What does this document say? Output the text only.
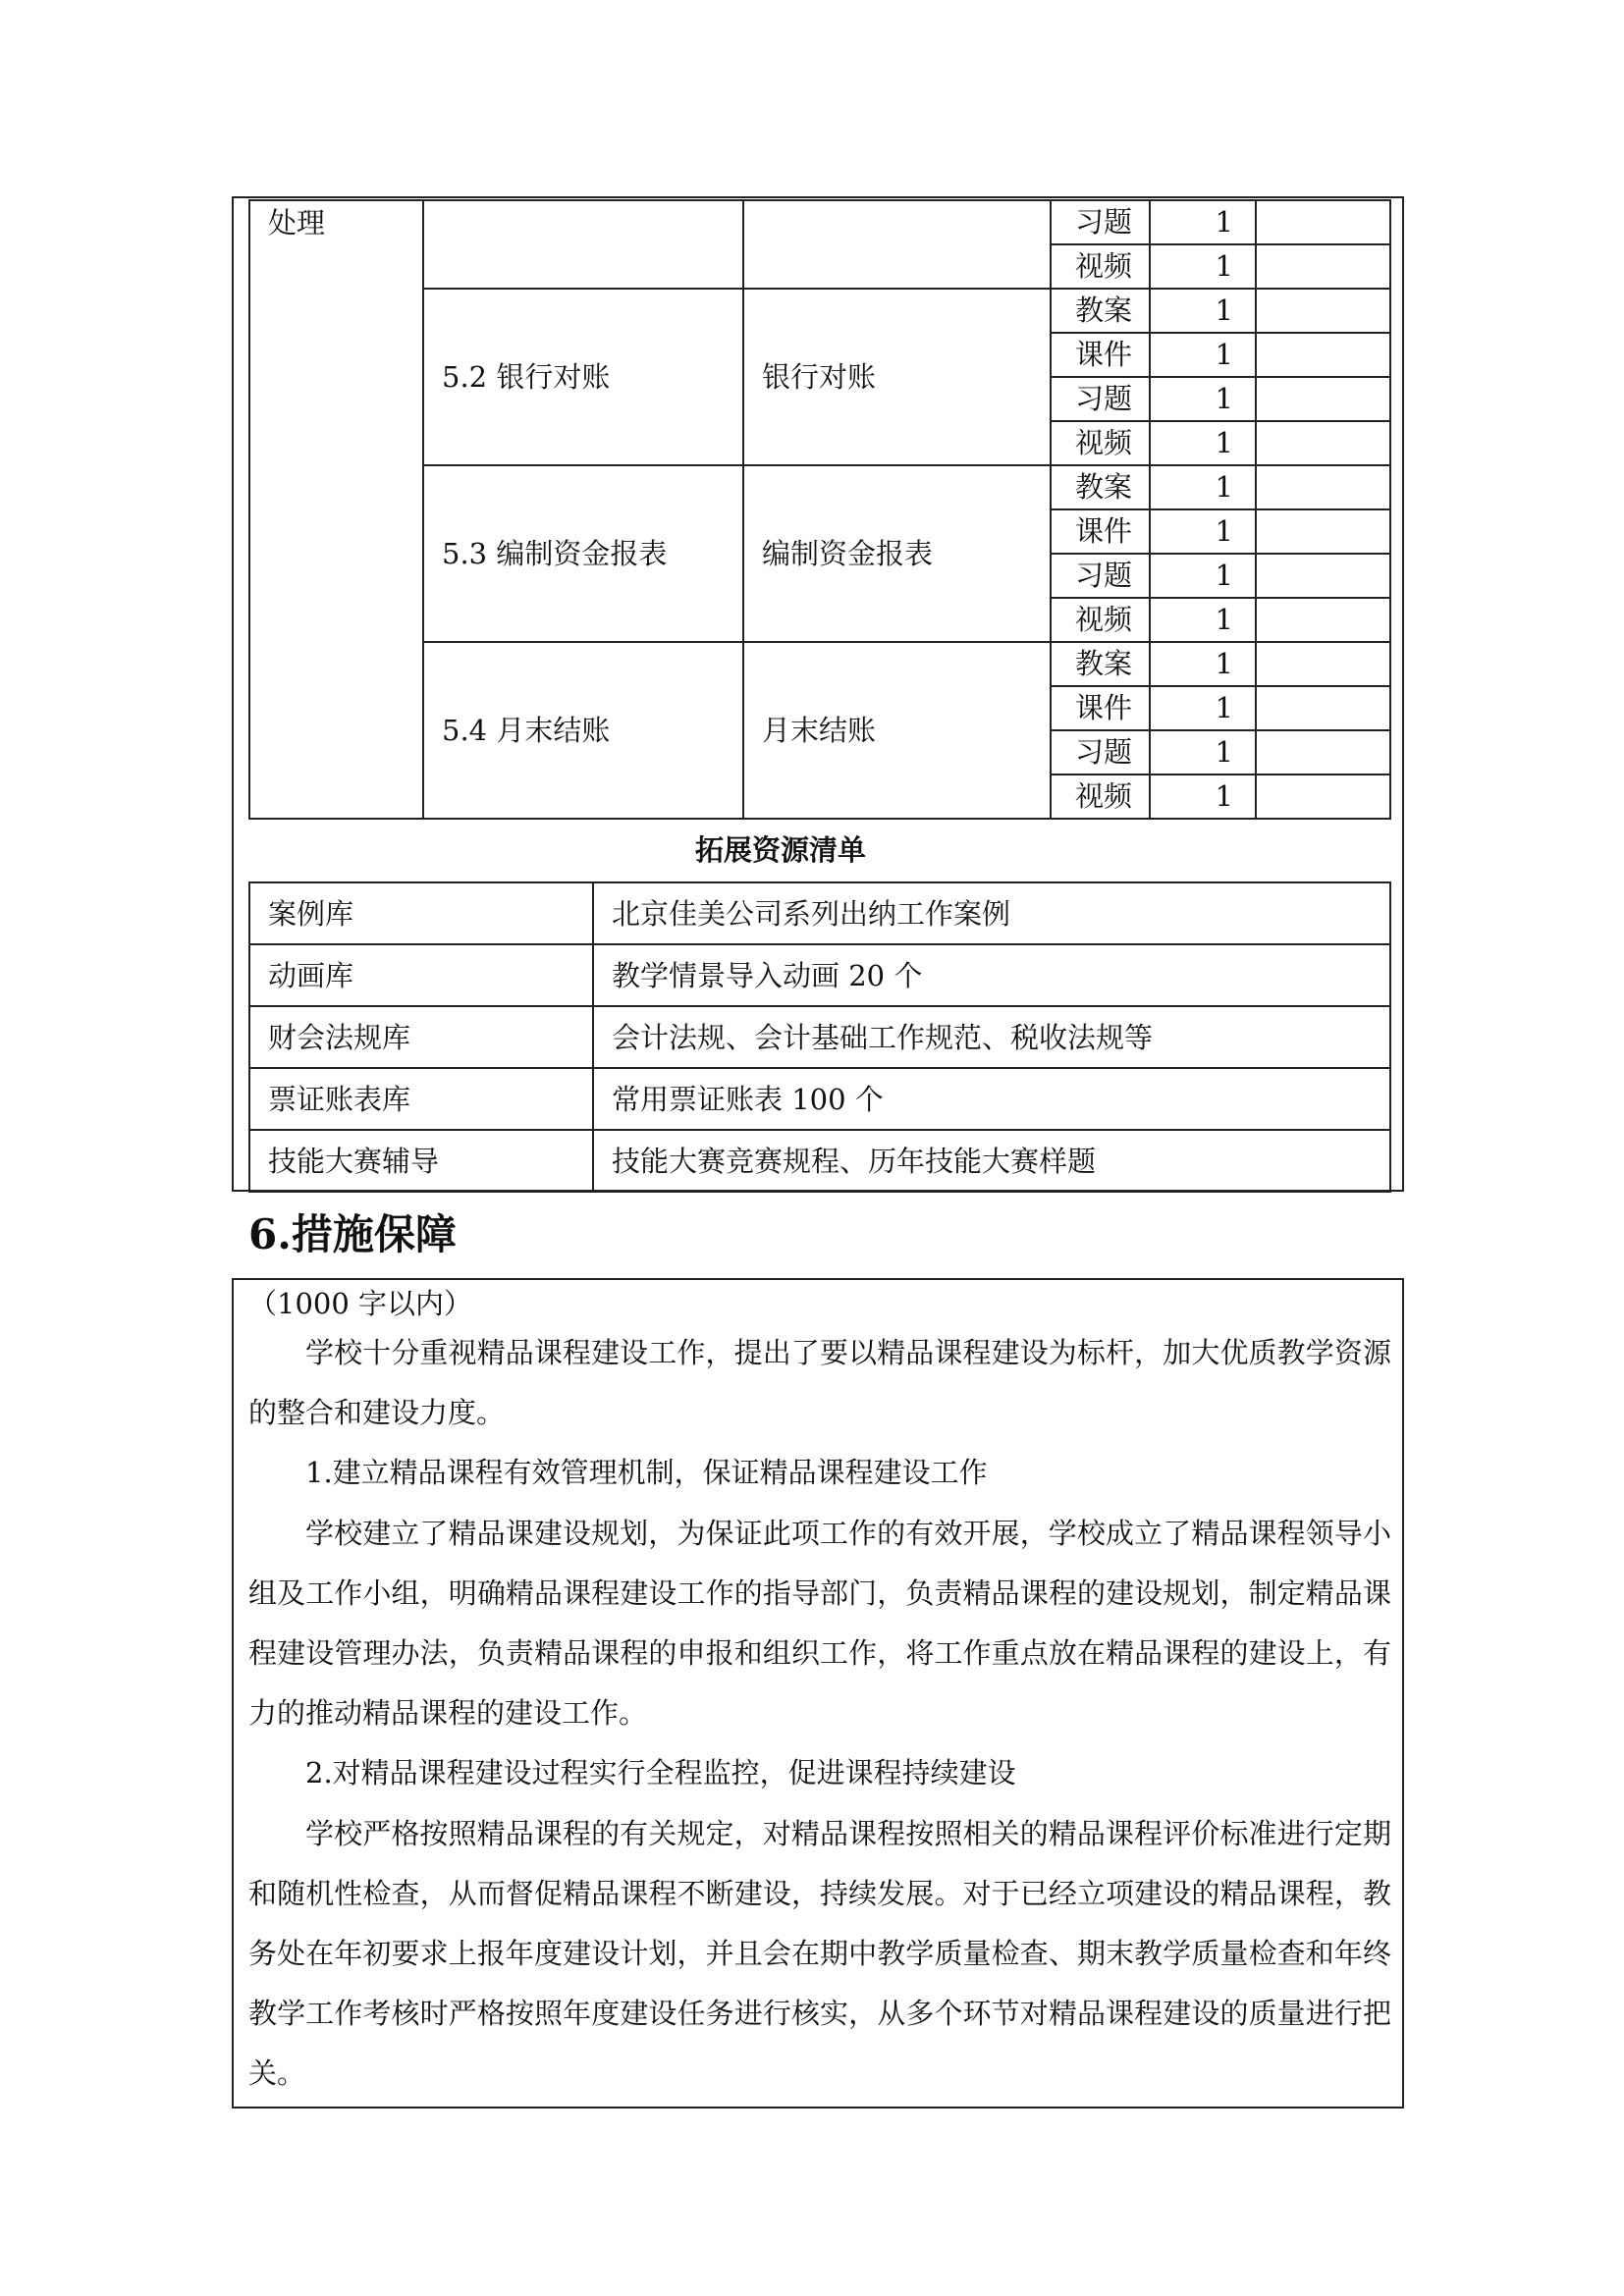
处理			习题	1	
			视频	1	
	5.2 银行对账	银行对账	教案	1	
			课件	1	
			习题	1	
			视频	1	
	5.3 编制资金报表	编制资金报表	教案	1	
			课件	1	
			习题	1	
			视频	1	
	5.4 月末结账	月末结账	教案	1	
			课件	1	
			习题	1	
			视频	1	
拓展资源清单
案例库	北京佳美公司系列出纳工作案例
动画库	教学情景导入动画 20 个
财会法规库	会计法规、会计基础工作规范、税收法规等
票证账表库	常用票证账表 100 个
技能大赛辅导	技能大赛竞赛规程、历年技能大赛样题
6.措施保障
（1000 字以内）

学校十分重视精品课程建设工作，提出了要以精品课程建设为标杆，加大优质教学资源的整合和建设力度。

1.建立精品课程有效管理机制，保证精品课程建设工作

学校建立了精品课建设规划，为保证此项工作的有效开展，学校成立了精品课程领导小组及工作小组，明确精品课程建设工作的指导部门，负责精品课程的建设规划，制定精品课程建设管理办法，负责精品课程的申报和组织工作，将工作重点放在精品课程的建设上，有力的推动精品课程的建设工作。

2.对精品课程建设过程实行全程监控，促进课程持续建设

学校严格按照精品课程的有关规定，对精品课程按照相关的精品课程评价标准进行定期和随机性检查，从而督促精品课程不断建设，持续发展。对于已经立项建设的精品课程，教务处在年初要求上报年度建设计划，并且会在期中教学质量检查、期末教学质量检查和年终教学工作考核时严格按照年度建设任务进行核实，从多个环节对精品课程建设的质量进行把关。
